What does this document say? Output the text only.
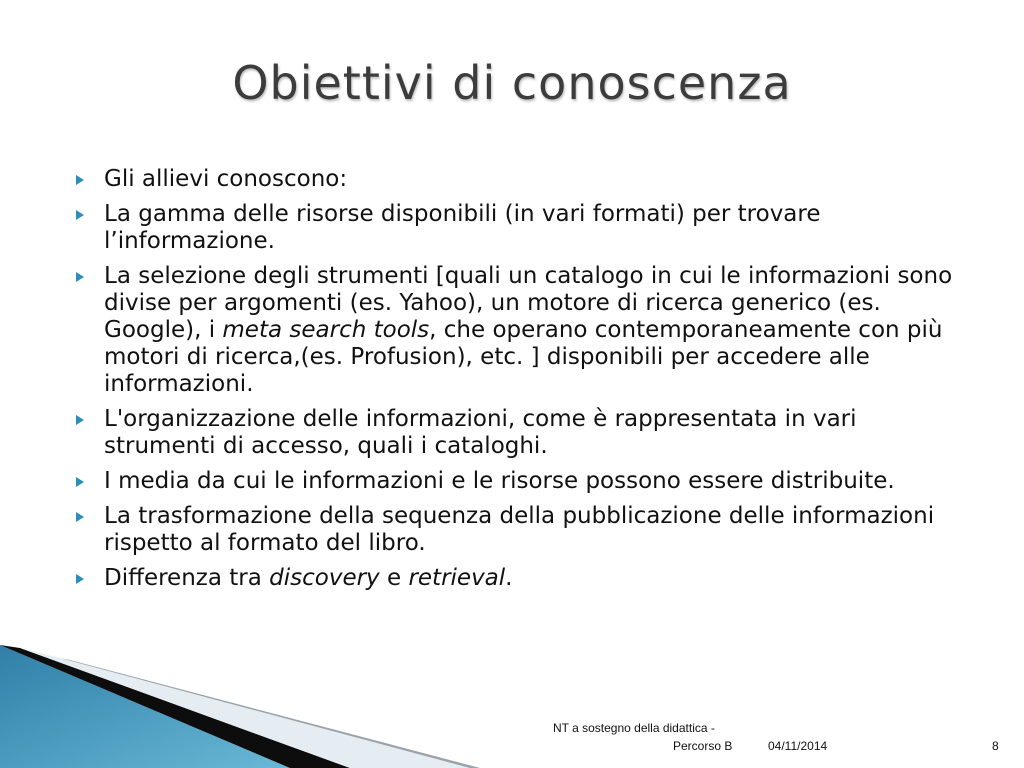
Obiettivi di conoscenza
Gli allievi conoscono:
La gamma delle risorse disponibili (in vari formati) per trovare l’informazione.
La selezione degli strumenti [quali un catalogo in cui le informazioni sono divise per argomenti (es. Yahoo), un motore di ricerca generico (es. Google), i meta search tools, che operano contemporaneamente con più motori di ricerca,(es. Profusion), etc. ] disponibili per accedere alle informazioni.
L'organizzazione delle informazioni, come è rappresentata in vari strumenti di accesso, quali i cataloghi.
I media da cui le informazioni e le risorse possono essere distribuite.
La trasformazione della sequenza della pubblicazione delle informazioni rispetto al formato del libro.
Differenza tra discovery e retrieval.
NT a sostegno della didattica -
Percorso B	04/11/2014	8
